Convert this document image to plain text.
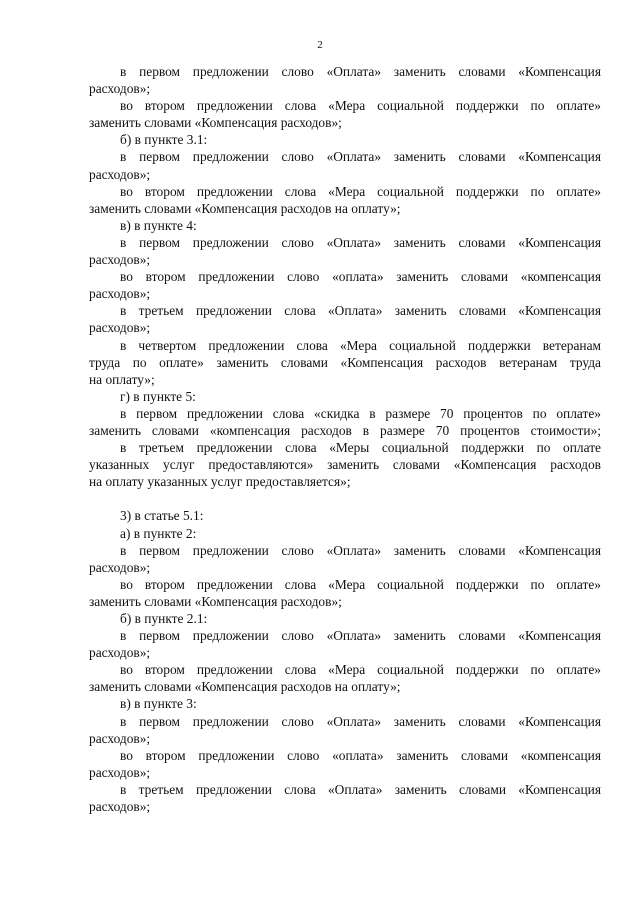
2
в первом предложении слово «Оплата» заменить словами «Компенсация
расходов»;
во втором предложении слова «Мера социальной поддержки по оплате»
заменить словами «Компенсация расходов»;
б) в пункте 3.1:
в первом предложении слово «Оплата» заменить словами «Компенсация
расходов»;
во втором предложении слова «Мера социальной поддержки по оплате»
заменить словами «Компенсация расходов на оплату»;
в) в пункте 4:
в первом предложении слово «Оплата» заменить словами «Компенсация
расходов»;
во втором предложении слово «оплата» заменить словами «компенсация
расходов»;
в третьем предложении слова «Оплата» заменить словами «Компенсация
расходов»;
в четвертом предложении слова «Мера социальной поддержки ветеранам
труда по оплате» заменить словами «Компенсация расходов ветеранам труда
на оплату»;
г) в пункте 5:
в первом предложении слова «скидка в размере 70 процентов по оплате»
заменить словами «компенсация расходов в размере 70 процентов стоимости»;
в третьем предложении слова «Меры социальной поддержки по оплате
указанных услуг предоставляются» заменить словами «Компенсация расходов
на оплату указанных услуг предоставляется»;
3) в статье 5.1:
а) в пункте 2:
в первом предложении слово «Оплата» заменить словами «Компенсация
расходов»;
во втором предложении слова «Мера социальной поддержки по оплате»
заменить словами «Компенсация расходов»;
б) в пункте 2.1:
в первом предложении слово «Оплата» заменить словами «Компенсация
расходов»;
во втором предложении слова «Мера социальной поддержки по оплате»
заменить словами «Компенсация расходов на оплату»;
в) в пункте 3:
в первом предложении слово «Оплата» заменить словами «Компенсация
расходов»;
во втором предложении слово «оплата» заменить словами «компенсация
расходов»;
в третьем предложении слова «Оплата» заменить словами «Компенсация
расходов»;
